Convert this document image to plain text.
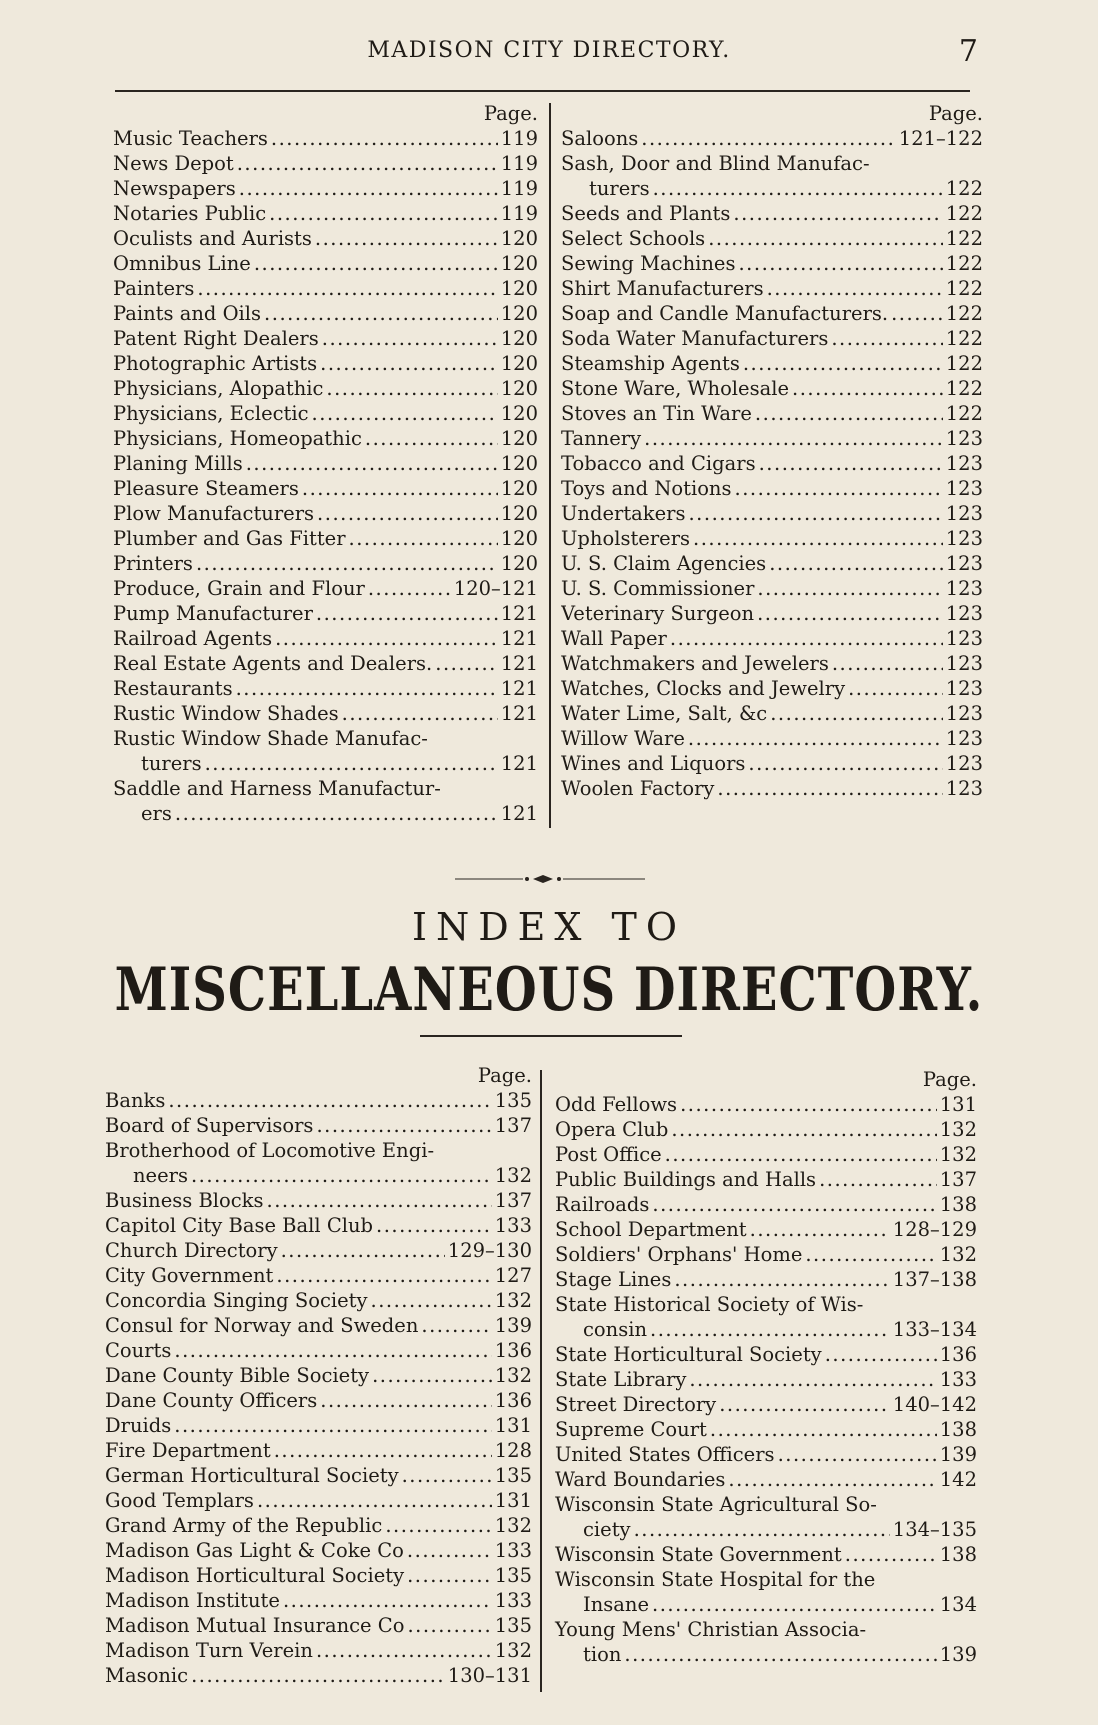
MADISON CITY DIRECTORY.	7
Page.
Music Teachers .....	119
News Depot .....	119
Newspapers .....	119
Notaries Public .....	119
Oculists and Aurists .....	120
Omnibus Line .....	120
Painters .....	120
Paints and Oils .....	120
Patent Right Dealers .....	120
Photographic Artists .....	120
Physicians, Alopathic .....	120
Physicians, Eclectic .....	120
Physicians, Homeopathic .....	120
Planing Mills .....	120
Pleasure Steamers .....	120
Plow Manufacturers .....	120
Plumber and Gas Fitter .....	120
Printers .....	120
Produce, Grain and Flour .....	120–121
Pump Manufacturer .....	121
Railroad Agents .....	121
Real Estate Agents and Dealers. .....	121
Restaurants .....	121
Rustic Window Shades .....	121
Rustic Window Shade Manufac-
turers .....	121
Saddle and Harness Manufactur-
ers .....	121
Page.
Saloons .....	121–122
Sash, Door and Blind Manufac-
turers .....	122
Seeds and Plants .....	122
Select Schools .....	122
Sewing Machines .....	122
Shirt Manufacturers .....	122
Soap and Candle Manufacturers. .....	122
Soda Water Manufacturers .....	122
Steamship Agents .....	122
Stone Ware, Wholesale .....	122
Stoves an Tin Ware .....	122
Tannery .....	123
Tobacco and Cigars .....	123
Toys and Notions .....	123
Undertakers .....	123
Upholsterers .....	123
U. S. Claim Agencies .....	123
U. S. Commissioner .....	123
Veterinary Surgeon .....	123
Wall Paper .....	123
Watchmakers and Jewelers .....	123
Watches, Clocks and Jewelry .....	123
Water Lime, Salt, &c .....	123
Willow Ware .....	123
Wines and Liquors .....	123
Woolen Factory .....	123
INDEX TO
MISCELLANEOUS DIRECTORY.
Page.
Banks .....	135
Board of Supervisors .....	137
Brotherhood of Locomotive Engi-
neers .....	132
Business Blocks .....	137
Capitol City Base Ball Club .....	133
Church Directory .....	129–130
City Government .....	127
Concordia Singing Society .....	132
Consul for Norway and Sweden .....	139
Courts .....	136
Dane County Bible Society .....	132
Dane County Officers .....	136
Druids .....	131
Fire Department .....	128
German Horticultural Society .....	135
Good Templars .....	131
Grand Army of the Republic .....	132
Madison Gas Light & Coke Co .....	133
Madison Horticultural Society .....	135
Madison Institute .....	133
Madison Mutual Insurance Co .....	135
Madison Turn Verein .....	132
Masonic .....	130–131
Page.
Odd Fellows .....	131
Opera Club .....	132
Post Office .....	132
Public Buildings and Halls .....	137
Railroads .....	138
School Department .....	128–129
Soldiers' Orphans' Home .....	132
Stage Lines .....	137–138
State Historical Society of Wis-
consin .....	133–134
State Horticultural Society .....	136
State Library .....	133
Street Directory .....	140–142
Supreme Court .....	138
United States Officers .....	139
Ward Boundaries .....	142
Wisconsin State Agricultural So-
ciety .....	134–135
Wisconsin State Government .....	138
Wisconsin State Hospital for the
Insane .....	134
Young Mens' Christian Associa-
tion .....	139
